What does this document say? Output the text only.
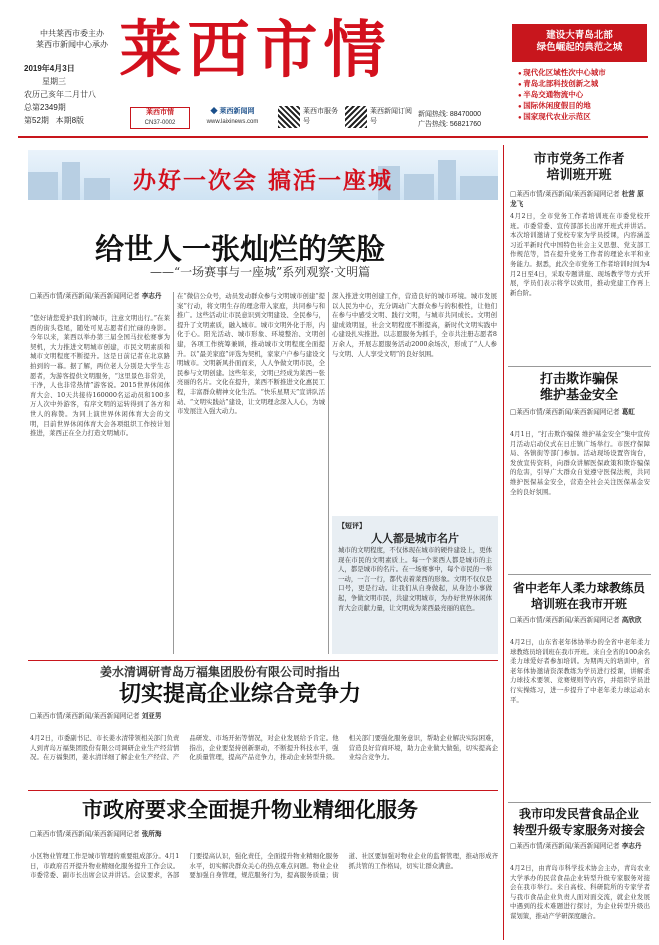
中共莱西市委主办
莱西市新闻中心承办
2019年4月3日
星期三
农历己亥年二月廿八
总第2349期
第52期 本期8版
莱西市情	建设大青岛北部
绿色崛起的典范之城
● 现代化区域性次中心城市
● 青岛北部科技创新之城
● 半岛交通物流中心
● 国际休闲度假目的地
● 国家现代农业示范区
莱西市情
CN37-0002
◆ 莱西新闻网
www.laixinews.com
莱西市服务号
莱西新闻订阅号
新闻热线: 88470000
广告热线: 56821760
办好一次会 搞活一座城
给世人一张灿烂的笑脸
——“一场赛事与一座城”系列观察·文明篇
□莱西市情/莱西新闻/莱西新闻网记者 李志丹
“您好请您爱护我们的城市，注意文明出行。”在莱西的街头巷尾，随处可见志愿者们忙碌的身影。今年以来，莱西以举办第三届全国马拉松赛事为契机，大力推进文明城市创建，市民文明素质和城市文明程度不断提升。这是日前记者在北京路拍到的一幕。据了解，两位老人分别是大学生志愿者，为游客提供文明服务，“这里景色非常美，干净，人也非常热情”游客说。2015世界休闲体育大会、10天共接待160000名运动员和100多万人次中外游客，有序文明的运转得到了各方和世人的称赞。为同上演世界休闲体育大会的文明，目前世界休闲体育大会各项组织工作按计划推进，莱西正在全力打造文明城市。
在“微信公众号，动员发动群众参与文明城市创建“提案”行动，将文明生存的理念带入家庭，共同参与和推广。这些活动让市民意识到文明建设、全民参与，提升了文明素质，融入城市。城市文明外化于形，内化于心。阳光活动、城市形象、环境整治、文明创建，各项工作统筹兼顾，推动城市文明程度全面提升。以“最美家庭”评选为契机，家家户户参与建设文明城市。文明新风扑面而来，人人争做文明市民，全民参与文明创建。这些年来，文明已经成为莱西一张亮丽的名片。文化在提升，莱西不断推进文化惠民工程，丰富群众精神文化生活。“快乐星期天”宣讲队活动、“文明实践站”建设，让文明理念深入人心，为城市发展注入强大动力。
深入推进文明创建工作，营造良好的城市环境。城市发展以人民为中心，充分调动广大群众参与的积极性，让他们在参与中感受文明、践行文明，与城市共同成长。文明创建成效明显，社会文明程度不断提高，新时代文明实践中心建设扎实推进。以志愿服务为抓手，全市共注册志愿者8万余人，开展志愿服务活动2000余场次，形成了“人人参与文明、人人享受文明”的良好氛围。
【短评】
人人都是城市名片
城市的文明程度，不仅体现在城市的硬件建设上，更体现在市民的文明素质上。每一个莱西人都是城市的主人，都是城市的名片。在一场赛事中，每个市民的一举一动，一言一行，都代表着莱西的形象。文明不仅仅是口号，更是行动。让我们从自身做起，从身边小事做起，争做文明市民，共建文明城市，为办好世界休闲体育大会贡献力量，让文明成为莱西最亮丽的底色。
姜水清调研青岛万福集团股份有限公司时指出
切实提高企业综合竞争力
□莱西市情/莱西新闻/莱西新闻网记者 刘亚男
4月2日，市委副书记、市长姜水清带领相关部门负责人到青岛万福集团股份有限公司调研企业生产经营情况。在万福集团，姜水清详细了解企业生产经营、产品研发、市场开拓等情况，对企业发展给予肯定。他指出，企业要坚持创新驱动，不断提升科技水平，强化质量管理，提高产品竞争力，推动企业转型升级。相关部门要强化服务意识，帮助企业解决实际困难，营造良好营商环境，助力企业做大做强，切实提高企业综合竞争力。
市政府要求全面提升物业精细化服务
□莱西市情/莱西新闻/莱西新闻网记者 张所海
小区物业管理工作是城市管理的重要组成部分。4月1日，市政府召开提升物业精细化服务提升工作会议。市委常委、副市长出席会议并讲话。会议要求，各部门要提高认识，强化责任，全面提升物业精细化服务水平，切实解决群众关心的热点难点问题。物业企业要加强自身管理，规范服务行为，提高服务质量；街道、社区要加强对物业企业的监督管理，推动形成齐抓共管的工作格局，切实让群众满意。
市市党务工作者
培训班开班
□莱西市情/莱西新闻/莱西新闻网记者 杜营 原龙飞
4月2日，全市党务工作者培训班在市委党校开班。市委常委、宣传部部长出席开班式并讲话。本次培训邀请了党校专家为学员授课，内容涵盖习近平新时代中国特色社会主义思想、党支部工作规范等，旨在提升党务工作者的理论水平和业务能力。据悉，此次全市党务工作者培训时间为4月2日至4日，采取专题讲座、现场教学等方式开展，学员们表示将学以致用，推动党建工作再上新台阶。
打击欺诈骗保
维护基金安全
□莱西市情/莱西新闻/莱西新闻网记者 葛虹
4月1日，“打击欺诈骗保 维护基金安全”集中宣传月活动启动仪式在日庄镇广场举行。市医疗保障局、各镇街等部门参加。活动现场设置咨询台，发放宣传资料，向群众讲解医保政策和欺诈骗保的危害，引导广大群众自觉遵守医保法规，共同维护医保基金安全，营造全社会关注医保基金安全的良好氛围。
省中老年人柔力球教练员
培训班在我市开班
□莱西市情/莱西新闻/莱西新闻网记者 高欣欣
4月2日，山东省老年体协举办的全省中老年柔力球教练员培训班在我市开班。来自全省的100余名柔力球爱好者参加培训。为期两天的培训中，省老年体协邀请资深教练为学员进行授课，讲解柔力球技术要领、竞赛规则等内容，并组织学员进行实操练习，进一步提升了中老年柔力球运动水平。
我市印发民营食品企业
转型升级专家服务对接会
□莱西市情/莱西新闻/莱西新闻网记者 李志丹
4月2日，由青岛市科学技术协会主办，青岛农业大学承办的民营食品企业转型升级专家服务对接会在我市举行。来自高校、科研院所的专家学者与我市食品企业负责人面对面交流，就企业发展中遇到的技术难题进行探讨，为企业转型升级出谋划策，推动产学研深度融合。
